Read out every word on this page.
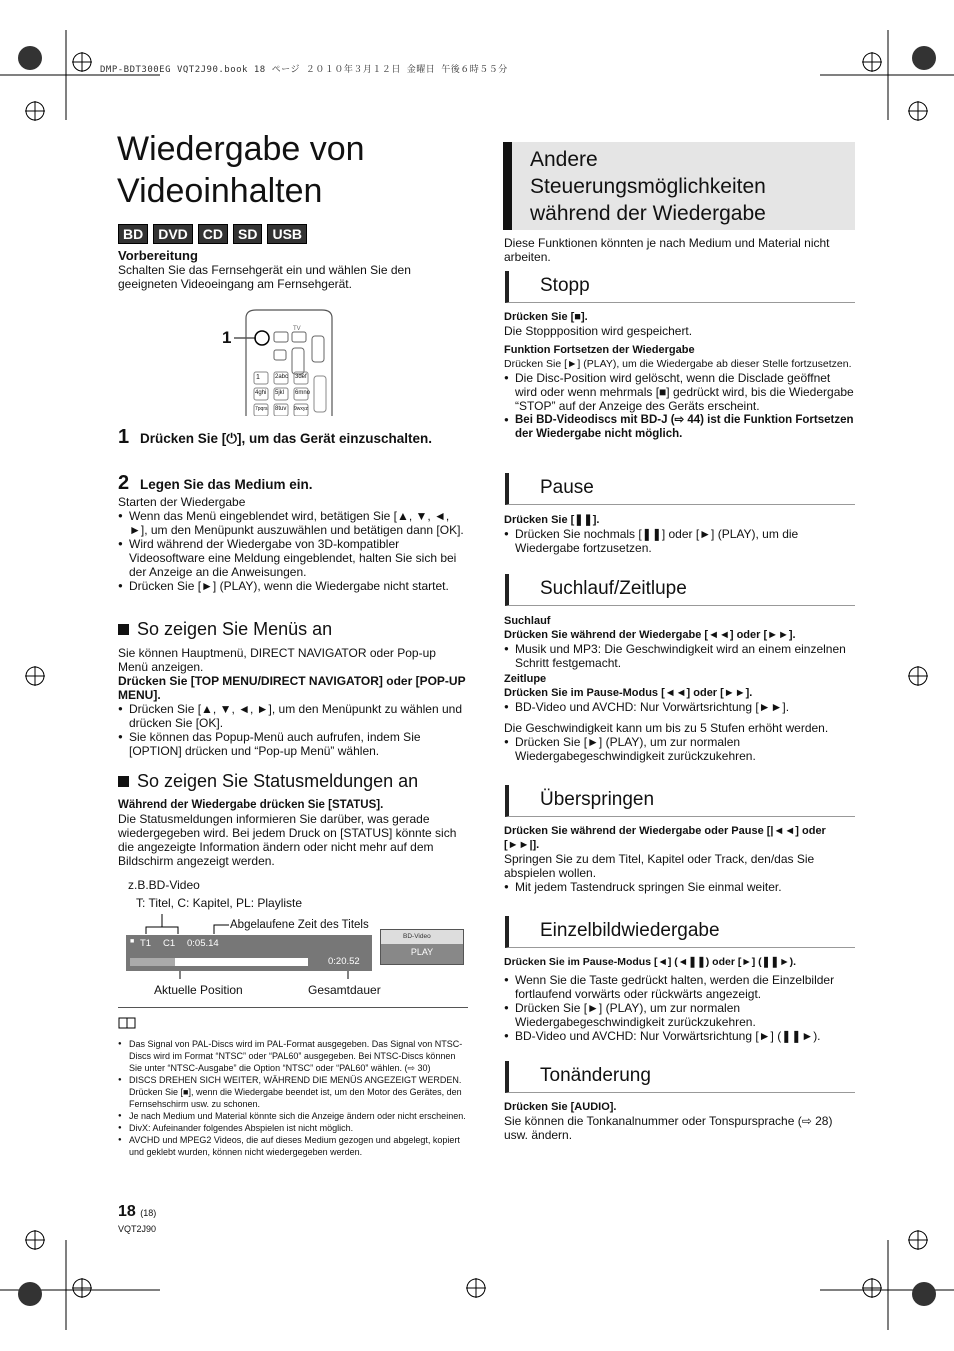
DMP-BDT300EG VQT2J90.book 18 ページ ２０１０年３月１２日 金曜日 午後６時５５分
Wiedergabe von
Videoinhalten
BD	DVD	CD	SD	USB

Vorbereitung

Schalten Sie das Fernsehgerät ein und wählen Sie den geeigneten Videoeingang am Fernsehgerät.

1	TV
1	2abc 3def
4ghi 5jkl 6mno
7pqrs 8tuv 9wxyz
1 Drücken Sie [⏻], um das Gerät einzuschalten.
2 Legen Sie das Medium ein.

Starten der Wiedergabe

● Wenn das Menü eingeblendet wird, betätigen Sie [▲, ▼, ◄, ►], um den Menüpunkt auszuwählen und betätigen dann [OK].
● Wird während der Wiedergabe von 3D-kompatibler Videosoftware eine Meldung eingeblendet, halten Sie sich bei der Anzeige an die Anweisungen.
● Drücken Sie [►] (PLAY), wenn die Wiedergabe nicht startet.
So zeigen Sie Menüs an

Sie können Hauptmenü, DIRECT NAVIGATOR oder Pop-up Menü anzeigen.

Drücken Sie [TOP MENU/DIRECT NAVIGATOR] oder [POP-UP MENU].

● Drücken Sie [▲, ▼, ◄, ►], um den Menüpunkt zu wählen und drücken Sie [OK].
● Sie können das Popup-Menü auch aufrufen, indem Sie [OPTION] drücken und “Pop-up Menü” wählen.
So zeigen Sie Statusmeldungen an

Während der Wiedergabe drücken Sie [STATUS].

Die Statusmeldungen informieren Sie darüber, was gerade wiedergegeben wird. Bei jedem Druck on [STATUS] könnte sich die angezeigte Information ändern oder nicht mehr auf dem Bildschirm angezeigt werden.

z.B.BD-Video
T: Titel, C: Kapitel, PL: Playliste
Abgelaufene Zeit des Titels
■ T1 C1 0:05.14
0:20.52
BD-Video
PLAY
Aktuelle Position	Gesamtdauer
● Das Signal von PAL-Discs wird im PAL-Format ausgegeben. Das Signal von NTSC-Discs wird im Format “NTSC” oder “PAL60” ausgegeben. Bei NTSC-Discs können Sie unter “NTSC-Ausgabe” die Option “NTSC” oder “PAL60” wählen. (⇨ 30)
● DISCS DREHEN SICH WEITER, WÄHREND DIE MENÜS ANGEZEIGT WERDEN. Drücken Sie [■], wenn die Wiedergabe beendet ist, um den Motor des Gerätes, den Fernsehschirm usw. zu schonen.
● Je nach Medium und Material könnte sich die Anzeige ändern oder nicht erscheinen.
● DivX: Aufeinander folgendes Abspielen ist nicht möglich.
● AVCHD und MPEG2 Videos, die auf dieses Medium gezogen und abgelegt, kopiert und geklebt wurden, können nicht wiedergegeben werden.
18 (18)
VQT2J90
Andere
Steuerungsmöglichkeiten
während der Wiedergabe

Diese Funktionen könnten je nach Medium und Material nicht arbeiten.

Stopp

Drücken Sie [■].

Die Stoppposition wird gespeichert.

Funktion Fortsetzen der Wiedergabe

Drücken Sie [►] (PLAY), um die Wiedergabe ab dieser Stelle fortzusetzen.

● Die Disc-Position wird gelöscht, wenn die Disclade geöffnet wird oder wenn mehrmals [■] gedrückt wird, bis die Wiedergabe “STOP” auf der Anzeige des Geräts erscheint.
● Bei BD-Videodiscs mit BD-J (⇨ 44) ist die Funktion Fortsetzen der Wiedergabe nicht möglich.
Pause

Drücken Sie [❚❚].

● Drücken Sie nochmals [❚❚] oder [►] (PLAY), um die Wiedergabe fortzusetzen.
Suchlauf/Zeitlupe

Suchlauf

Drücken Sie während der Wiedergabe [◄◄] oder [►►].

● Musik und MP3: Die Geschwindigkeit wird an einem einzelnen Schritt festgemacht.

Zeitlupe

Drücken Sie im Pause-Modus [◄◄] oder [►►].

● BD-Video und AVCHD: Nur Vorwärtsrichtung [►►].

Die Geschwindigkeit kann um bis zu 5 Stufen erhöht werden.

● Drücken Sie [►] (PLAY), um zur normalen Wiedergabegeschwindigkeit zurückzukehren.
Überspringen

Drücken Sie während der Wiedergabe oder Pause [|◄◄] oder [►►|].

Springen Sie zu dem Titel, Kapitel oder Track, den/das Sie abspielen wollen.

● Mit jedem Tastendruck springen Sie einmal weiter.
Einzelbildwiedergabe

Drücken Sie im Pause-Modus [◄] (◄❚❚) oder [►] (❚❚►).

● Wenn Sie die Taste gedrückt halten, werden die Einzelbilder fortlaufend vorwärts oder rückwärts angezeigt.
● Drücken Sie [►] (PLAY), um zur normalen Wiedergabegeschwindigkeit zurückzukehren.
● BD-Video und AVCHD: Nur Vorwärtsrichtung [►] (❚❚►).
Tonänderung

Drücken Sie [AUDIO].

Sie können die Tonkanalnummer oder Tonspursprache (⇨ 28) usw. ändern.
